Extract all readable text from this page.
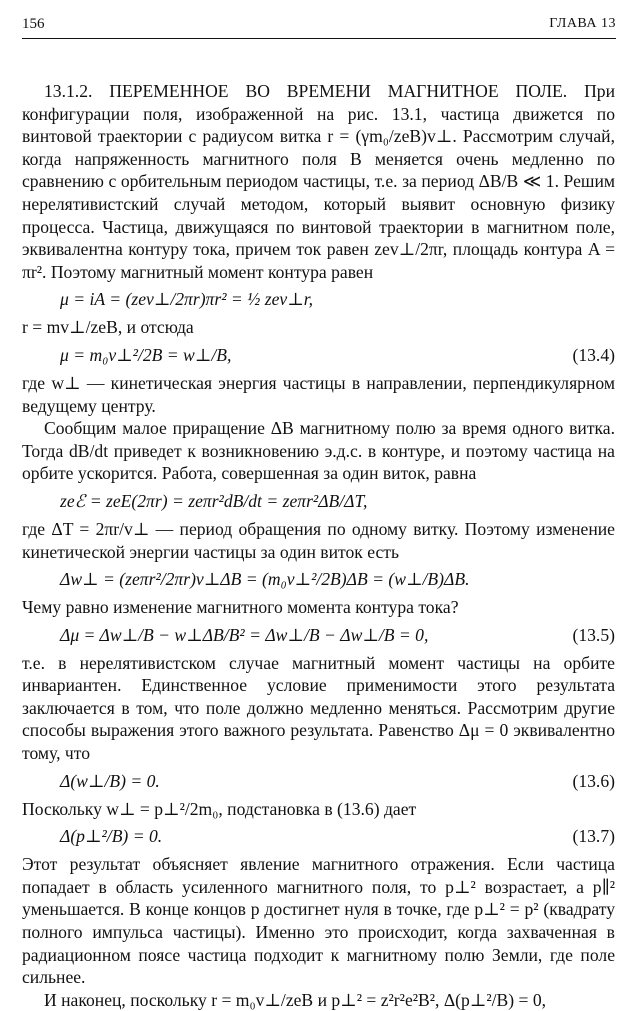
156	ГЛАВА 13

13.1.2. ПЕРЕМЕННОЕ ВО ВРЕМЕНИ МАГНИТНОЕ ПОЛЕ. При конфигурации поля, изображенной на рис. 13.1, частица движется по винтовой траектории с радиусом витка r = (γm₀/zeB)v⊥. Рассмотрим случай, когда напряженность магнитного поля B меняется очень медленно по сравнению с орбительным периодом частицы, т.е. за период ΔB/B ≪ 1. Решим нерелятивистский случай методом, который выявит основную физику процесса. Частица, движущаяся по винтовой траектории в магнитном поле, эквивалентна контуру тока, причем ток равен zev⊥/2πr, площадь контура A = πr². Поэтому магнитный момент контура равен

μ = iA = (zev⊥/2πr)πr² = ½ zev⊥r,

r = mv⊥/zeB, и отсюда

μ = m₀v⊥²/2B = w⊥/B,	(13.4)

где w⊥ — кинетическая энергия частицы в направлении, перпендикулярном ведущему центру.

Сообщим малое приращение ΔB магнитному полю за время одного витка. Тогда dB/dt приведет к возникновению э.д.с. в контуре, и поэтому частица на орбите ускорится. Работа, совершенная за один виток, равна

zeℰ = zeE(2πr) = zeπr²dB/dt = zeπr²ΔB/ΔT,

где ΔT = 2πr/v⊥ — период обращения по одному витку. Поэтому изменение кинетической энергии частицы за один виток есть

Δw⊥ = (zeπr²/2πr)v⊥ΔB = (m₀v⊥²/2B)ΔB = (w⊥/B)ΔB.

Чему равно изменение магнитного момента контура тока?

Δμ = Δw⊥/B − w⊥ΔB/B² = Δw⊥/B − Δw⊥/B = 0,	(13.5)

т.е. в нерелятивистском случае магнитный момент частицы на орбите инвариантен. Единственное условие применимости этого результата заключается в том, что поле должно медленно меняться. Рассмотрим другие способы выражения этого важного результата. Равенство Δμ = 0 эквивалентно тому, что

Δ(w⊥/B) = 0.	(13.6)

Поскольку w⊥ = p⊥²/2m₀, подстановка в (13.6) дает

Δ(p⊥²/B) = 0.	(13.7)

Этот результат объясняет явление магнитного отражения. Если частица попадает в область усиленного магнитного поля, то p⊥² возрастает, а p∥² уменьшается. В конце концов p достигнет нуля в точке, где p⊥² = p² (квадрату полного импульса частицы). Именно это происходит, когда захваченная в радиационном поясе частица подходит к магнитному полю Земли, где поле сильнее.

И наконец, поскольку r = m₀v⊥/zeB и p⊥² = z²r²e²B², Δ(p⊥²/B) = 0,
